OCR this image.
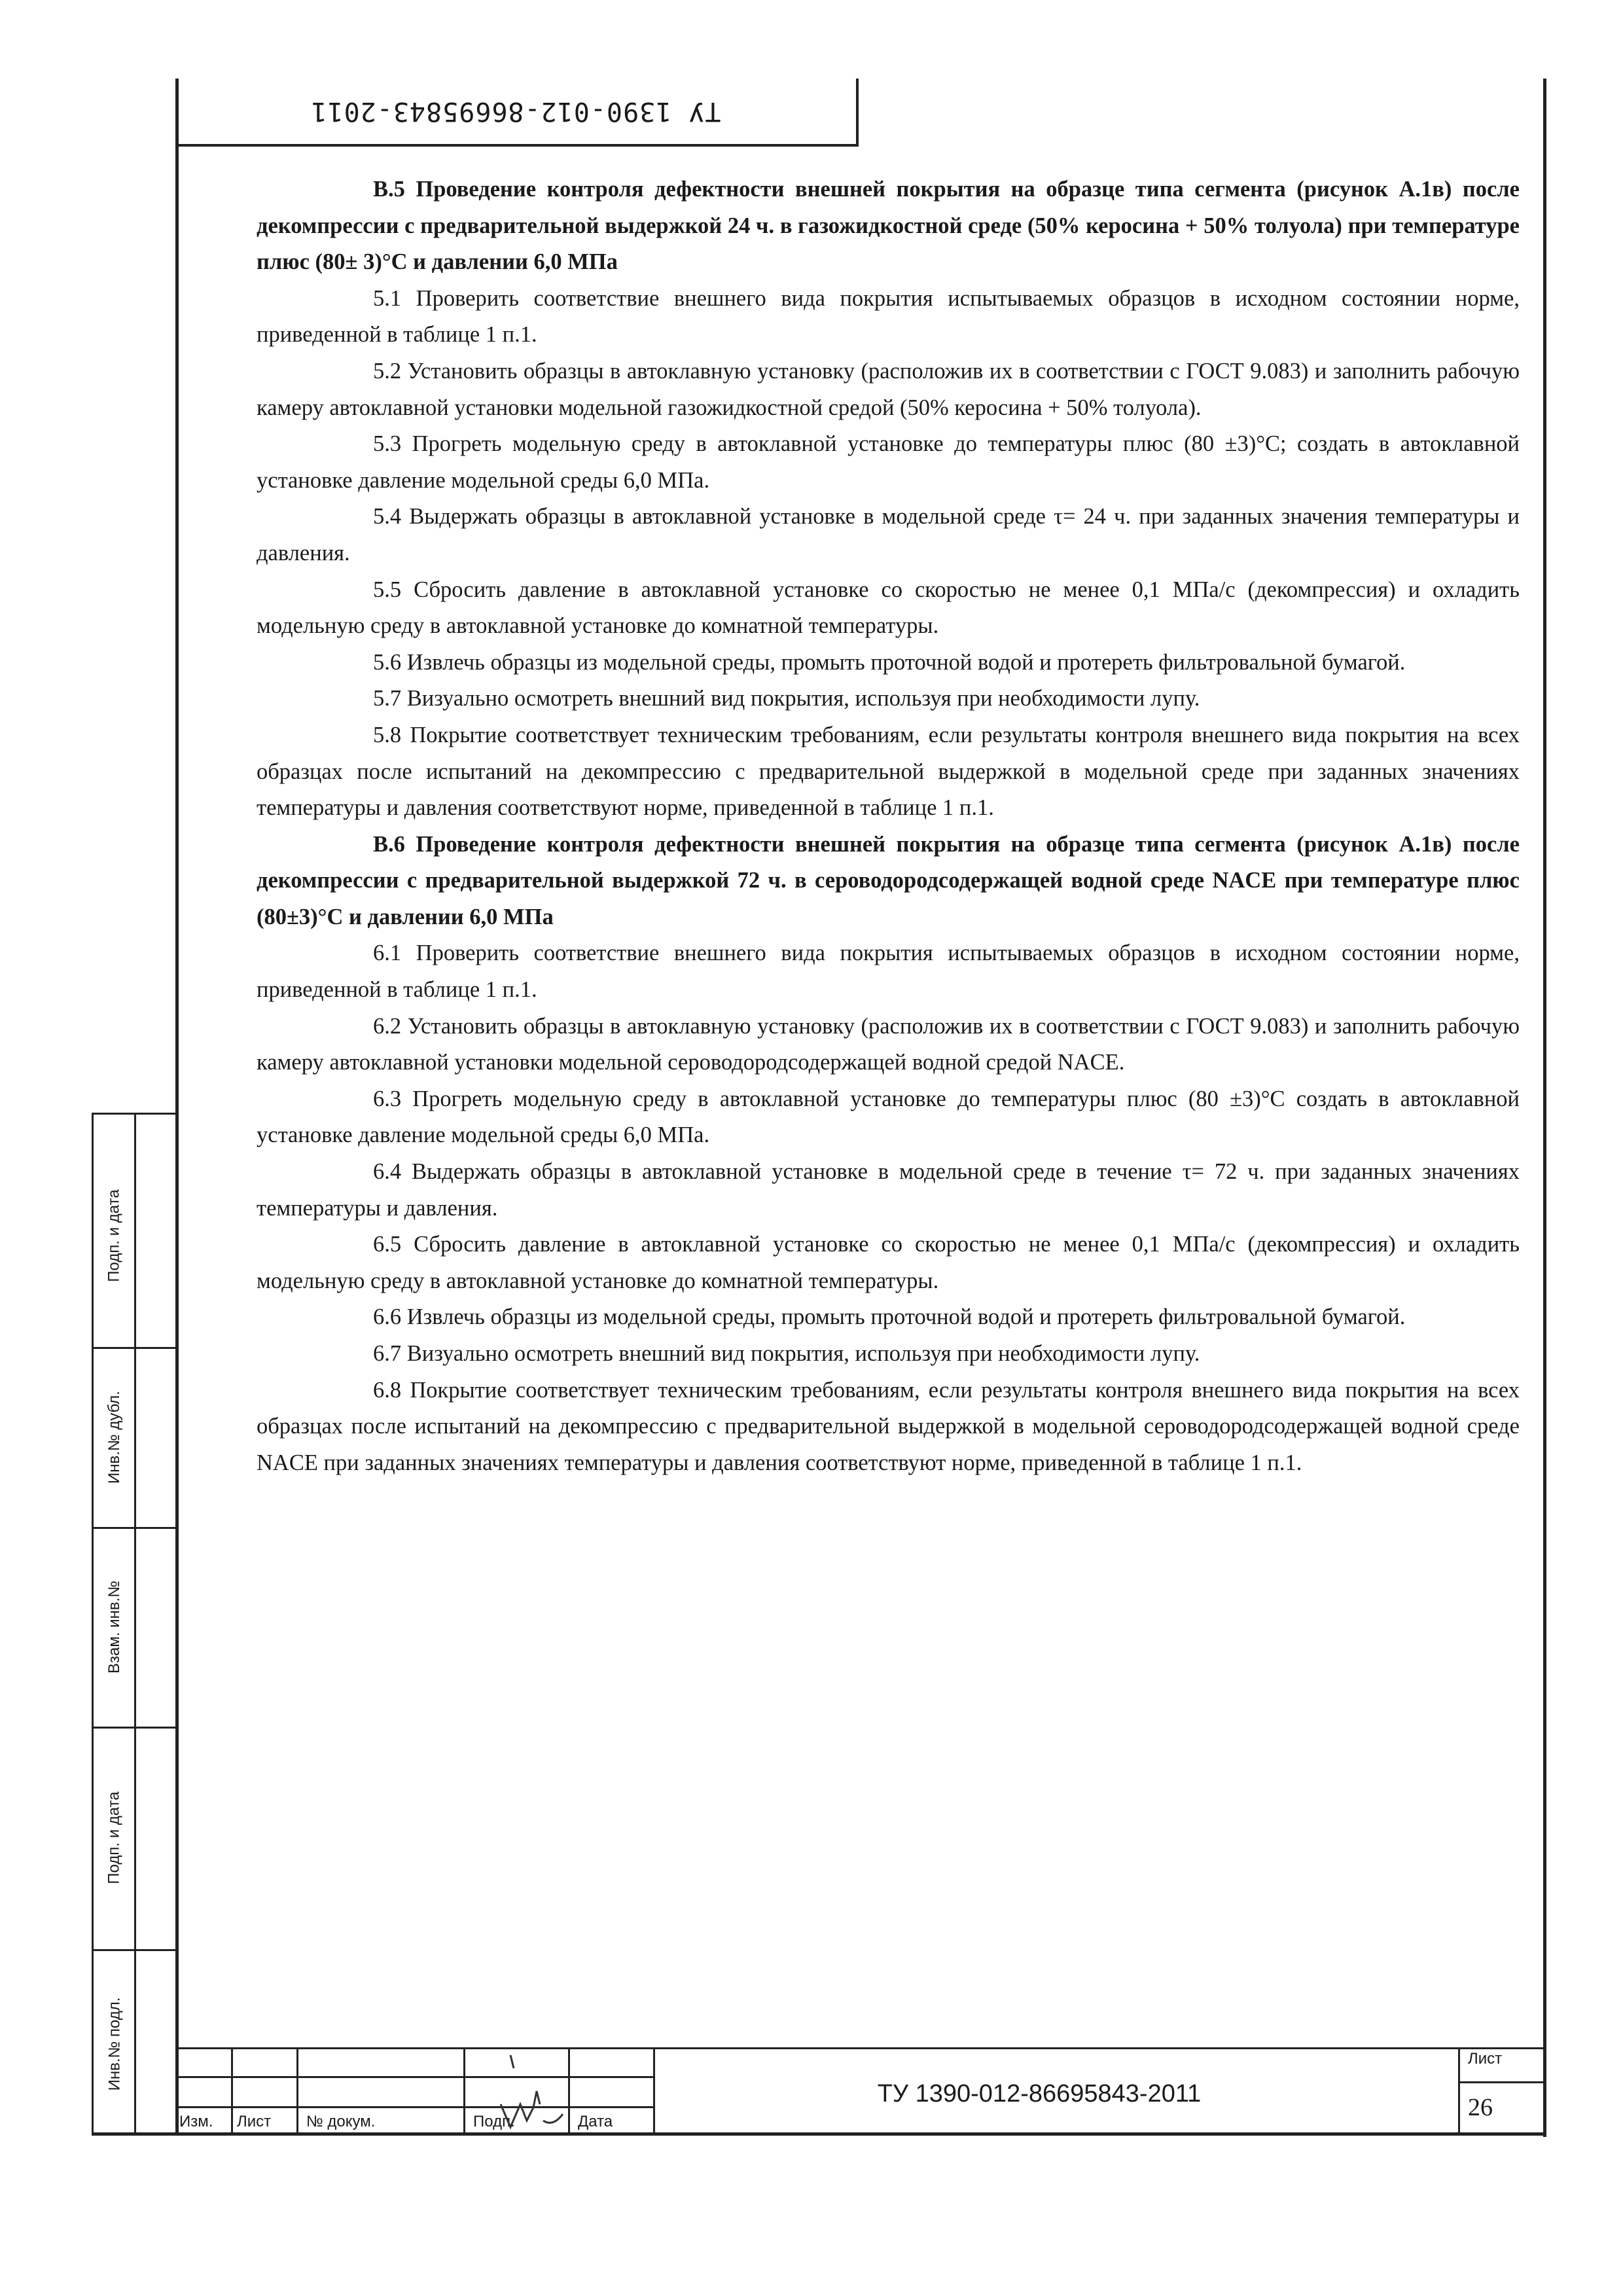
ТУ 1390-012-86695843-2011

В.5 Проведение контроля дефектности внешней покрытия на образце типа сегмента (рисунок А.1в) после декомпрессии с предварительной выдержкой 24 ч. в газожидкостной среде (50% керосина + 50% толуола) при температуре плюс (80± 3)°С и давлении 6,0 МПа

5.1 Проверить соответствие внешнего вида покрытия испытываемых образцов в исходном состоянии норме, приведенной в таблице 1 п.1.

5.2 Установить образцы в автоклавную установку (расположив их в соответствии с ГОСТ 9.083) и заполнить рабочую камеру автоклавной установки модельной газожидкостной средой (50% керосина + 50% толуола).

5.3 Прогреть модельную среду в автоклавной установке до температуры плюс (80 ±3)°С; создать в автоклавной установке давление модельной среды 6,0 МПа.

5.4 Выдержать образцы в автоклавной установке в модельной среде τ= 24 ч. при заданных значения температуры и давления.

5.5 Сбросить давление в автоклавной установке со скоростью не менее 0,1 МПа/с (декомпрессия) и охладить модельную среду в автоклавной установке до комнатной температуры.

5.6 Извлечь образцы из модельной среды, промыть проточной водой и протереть фильтровальной бумагой.

5.7 Визуально осмотреть внешний вид покрытия, используя при необходимости лупу.

5.8 Покрытие соответствует техническим требованиям, если результаты контроля внешнего вида покрытия на всех образцах после испытаний на декомпрессию с предварительной выдержкой в модельной среде при заданных значениях температуры и давления соответствуют норме, приведенной в таблице 1 п.1.

В.6 Проведение контроля дефектности внешней покрытия на образце типа сегмента (рисунок А.1в) после декомпрессии с предварительной выдержкой 72 ч. в сероводородсодержащей водной среде NACE при температуре плюс (80±3)°С и давлении 6,0 МПа

6.1 Проверить соответствие внешнего вида покрытия испытываемых образцов в исходном состоянии норме, приведенной в таблице 1 п.1.

6.2 Установить образцы в автоклавную установку (расположив их в соответствии с ГОСТ 9.083) и заполнить рабочую камеру автоклавной установки модельной сероводородсодержащей водной средой NACE.

6.3 Прогреть модельную среду в автоклавной установке до температуры плюс (80 ±3)°С создать в автоклавной установке давление модельной среды 6,0 МПа.

6.4 Выдержать образцы в автоклавной установке в модельной среде в течение τ= 72 ч. при заданных значениях температуры и давления.

6.5 Сбросить давление в автоклавной установке со скоростью не менее 0,1 МПа/с (декомпрессия) и охладить модельную среду в автоклавной установке до комнатной температуры.

6.6 Извлечь образцы из модельной среды, промыть проточной водой и протереть фильтровальной бумагой.

6.7 Визуально осмотреть внешний вид покрытия, используя при необходимости лупу.

6.8 Покрытие соответствует техническим требованиям, если результаты контроля внешнего вида покрытия на всех образцах после испытаний на декомпрессию с предварительной выдержкой в модельной сероводородсодержащей водной среде NACE при заданных значениях температуры и давления соответствуют норме, приведенной в таблице 1 п.1.

Подп. и дата
Инв.№ дубл.
Взам. инв.№
Подп. и дата
Инв.№ подл.
Изм. Лист № докум.	Подп.	Дата
ТУ 1390-012-86695843-2011
Лист
26
